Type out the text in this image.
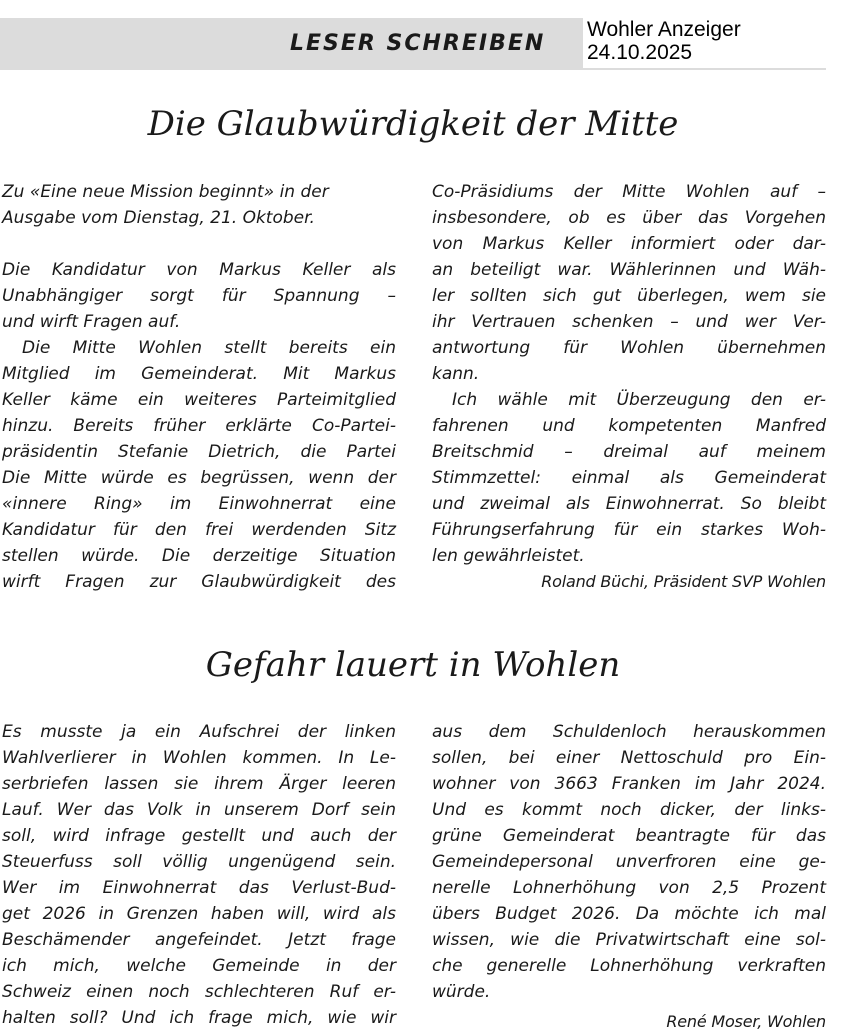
LESER SCHREIBEN
Wohler Anzeiger
24.10.2025
Die Glaubwürdigkeit der Mitte
Zu «Eine neue Mission beginnt» in der
Ausgabe vom Dienstag, 21. Oktober.
Die Kandidatur von Markus Keller als
Unabhängiger sorgt für Spannung –
und wirft Fragen auf.
Die Mitte Wohlen stellt bereits ein
Mitglied im Gemeinderat. Mit Markus
Keller käme ein weiteres Parteimitglied
hinzu. Bereits früher erklärte Co-Partei-
präsidentin Stefanie Dietrich, die Partei
Die Mitte würde es begrüssen, wenn der
«innere Ring» im Einwohnerrat eine
Kandidatur für den frei werdenden Sitz
stellen würde. Die derzeitige Situation
wirft Fragen zur Glaubwürdigkeit des
Co-Präsidiums der Mitte Wohlen auf –
insbesondere, ob es über das Vorgehen
von Markus Keller informiert oder dar-
an beteiligt war. Wählerinnen und Wäh-
ler sollten sich gut überlegen, wem sie
ihr Vertrauen schenken – und wer Ver-
antwortung für Wohlen übernehmen
kann.
Ich wähle mit Überzeugung den er-
fahrenen und kompetenten Manfred
Breitschmid – dreimal auf meinem
Stimmzettel: einmal als Gemeinderat
und zweimal als Einwohnerrat. So bleibt
Führungserfahrung für ein starkes Woh-
len gewährleistet.
Roland Büchi, Präsident SVP Wohlen
Gefahr lauert in Wohlen
Es musste ja ein Aufschrei der linken
Wahlverlierer in Wohlen kommen. In Le-
serbriefen lassen sie ihrem Ärger leeren
Lauf. Wer das Volk in unserem Dorf sein
soll, wird infrage gestellt und auch der
Steuerfuss soll völlig ungenügend sein.
Wer im Einwohnerrat das Verlust-Bud-
get 2026 in Grenzen haben will, wird als
Beschämender angefeindet. Jetzt frage
ich mich, welche Gemeinde in der
Schweiz einen noch schlechteren Ruf er-
halten soll? Und ich frage mich, wie wir
aus dem Schuldenloch herauskommen
sollen, bei einer Nettoschuld pro Ein-
wohner von 3663 Franken im Jahr 2024.
Und es kommt noch dicker, der links-
grüne Gemeinderat beantragte für das
Gemeindepersonal unverfroren eine ge-
nerelle Lohnerhöhung von 2,5 Prozent
übers Budget 2026. Da möchte ich mal
wissen, wie die Privatwirtschaft eine sol-
che generelle Lohnerhöhung verkraften
würde.
René Moser, Wohlen
